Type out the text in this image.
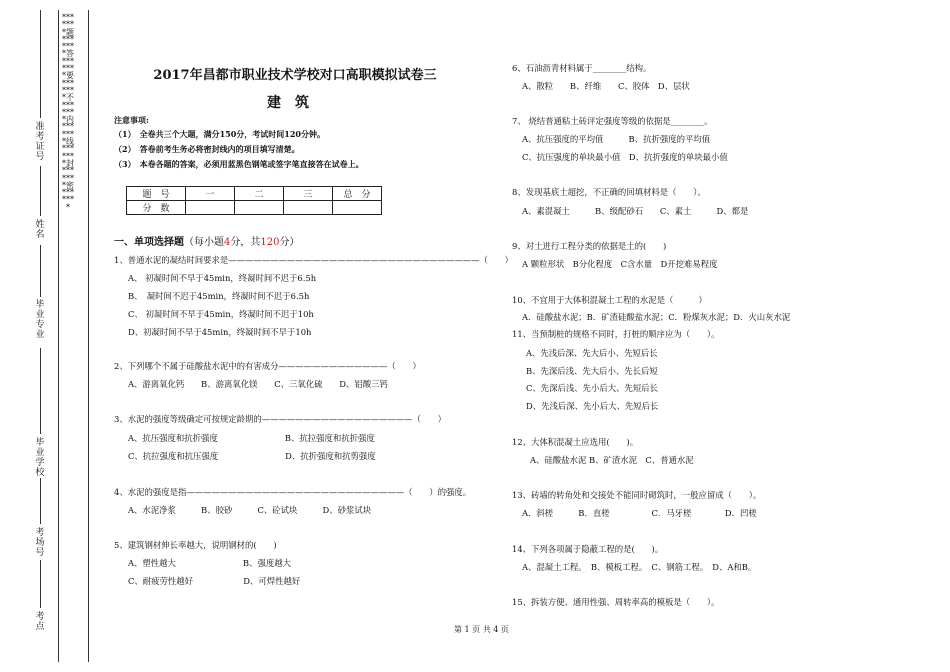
*******题*******答*******要*******不*******内*******线*******封*******密*******
准考证号
姓名
毕业专业
毕业学校
考场号
考点
2017年昌都市职业技术学校对口高职模拟试卷三
建筑
注意事项:
（1）　全卷共三个大题，满分150分，考试时间120分钟。
（2）　答卷前考生务必将密封线内的项目填写清楚。
（3）　本卷各题的答案，必须用蓝黑色钢笔或签字笔直接答在试卷上。
题　号	一	二	三	总　分
分　数				
一、单项选择题（每小题4分，共120分）
1、普通水泥的凝结时间要求是——————————————————————————————（　　）
A、 初凝时间不早于45min，终凝时间不迟于6.5h
B、　凝时间不迟于45min，终凝时间不迟于6.5h
C、 初凝时间不早于45min，终凝时间不迟于10h
D、初凝时间不早于45min，终凝时间不早于10h
2、下列哪个不属于硅酸盐水泥中的有害成分—————————————（　　）
A、游离氧化钙　　B、游离氧化镁　　C、三氧化硫　　D、铝酸三钙
3、水泥的强度等级确定可按规定龄期的——————————————————（　　）
A、抗压强度和抗折强度　　　　　　　　B、抗拉强度和抗折强度
C、抗拉强度和抗压强度　　　　　　　　D、抗折强度和抗剪强度
4、水泥的强度是指——————————————————————————（　　）的强度。
A、水泥净浆　　　B、胶砂　　　C、砼试块　　　D、砂浆试块
5、建筑钢材伸长率越大，说明钢材的(　　)
A、塑性越大　　　　　　　　B、强度越大
C、耐疲劳性越好　　　　　　D、可焊性越好
6、石油沥青材料属于________结构。
A、散粒　　B、纤维　　C、胶体　D、层状
7、 烧结普通粘土砖评定强度等级的依据是________。
A、抗压强度的平均值　　　B、抗折强度的平均值
C、抗压强度的单块最小值　D、抗折强度的单块最小值
8、发现基底土超挖，不正确的回填材料是（　　）。
A、素混凝土　　　B、级配砂石　　C、素土　　　D、都是
9、对土进行工程分类的依据是土的(　　)
A 颗粒形状　B分化程度　C含水量　D开挖难易程度
10、不宜用于大体积混凝土工程的水泥是（　　　）
A．硅酸盐水泥；B．矿渣硅酸盐水泥；C．粉煤灰水泥；D．火山灰水泥
11、当预制桩的规格不同时，打桩的顺序应为（　　）。
A、先浅后深、先大后小、先短后长
B、先深后浅、先大后小、先长后短
C、先深后浅、先小后大、先短后长
D、先浅后深、先小后大、先短后长
12、大体积混凝土应选用(　　)。
A、硅酸盐水泥 B、矿渣水泥　C、普通水泥
13、砖墙的转角处和交接处不能同时砌筑时，一般应留成（　　）。
A．斜槎　　　B．直槎　　　　　C．马牙槎　　　　D．凹槎
14、下列各项属于隐蔽工程的是(　　)。
A、混凝土工程。　B、模板工程。　C、钢筋工程。　D、A和B。
15、拆装方便、通用性强、周转率高的模板是（　　）。
第 1 页 共 4 页
